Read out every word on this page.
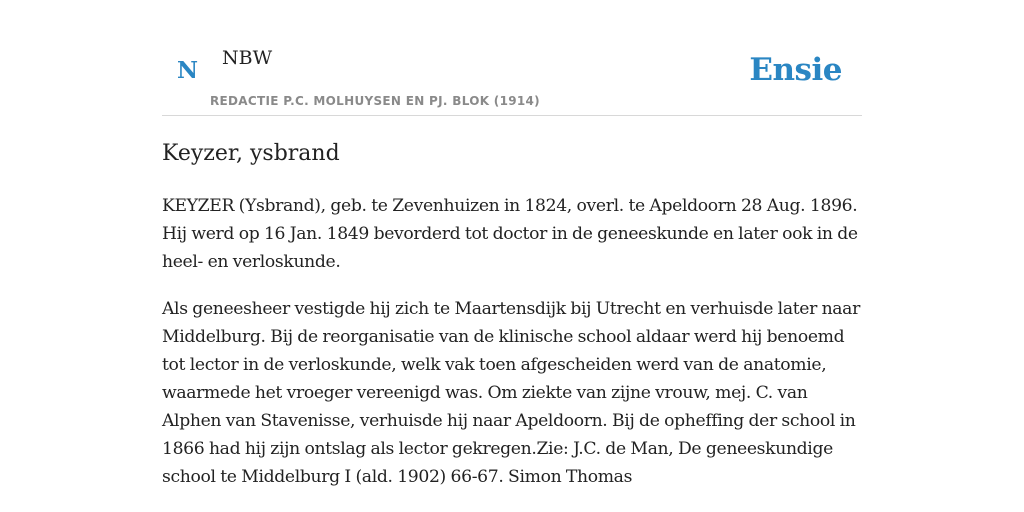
N NBW
REDACTIE P.C. MOLHUYSEN EN PJ. BLOK (1914)
Ensie
Keyzer, ysbrand

KEYZER (Ysbrand), geb. te Zevenhuizen in 1824, overl. te Apeldoorn 28 Aug. 1896. Hij werd op 16 Jan. 1849 bevorderd tot doctor in de geneeskunde en later ook in de heel- en verloskunde.

Als geneesheer vestigde hij zich te Maartensdijk bij Utrecht en verhuisde later naar Middelburg. Bij de reorganisatie van de klinische school aldaar werd hij benoemd tot lector in de verloskunde, welk vak toen afgescheiden werd van de anatomie, waarmede het vroeger vereenigd was. Om ziekte van zijne vrouw, mej. C. van Alphen van Stavenisse, verhuisde hij naar Apeldoorn. Bij de opheffing der school in 1866 had hij zijn ontslag als lector gekregen.Zie: J.C. de Man, De geneeskundige school te Middelburg I (ald. 1902) 66-67. Simon Thomas
